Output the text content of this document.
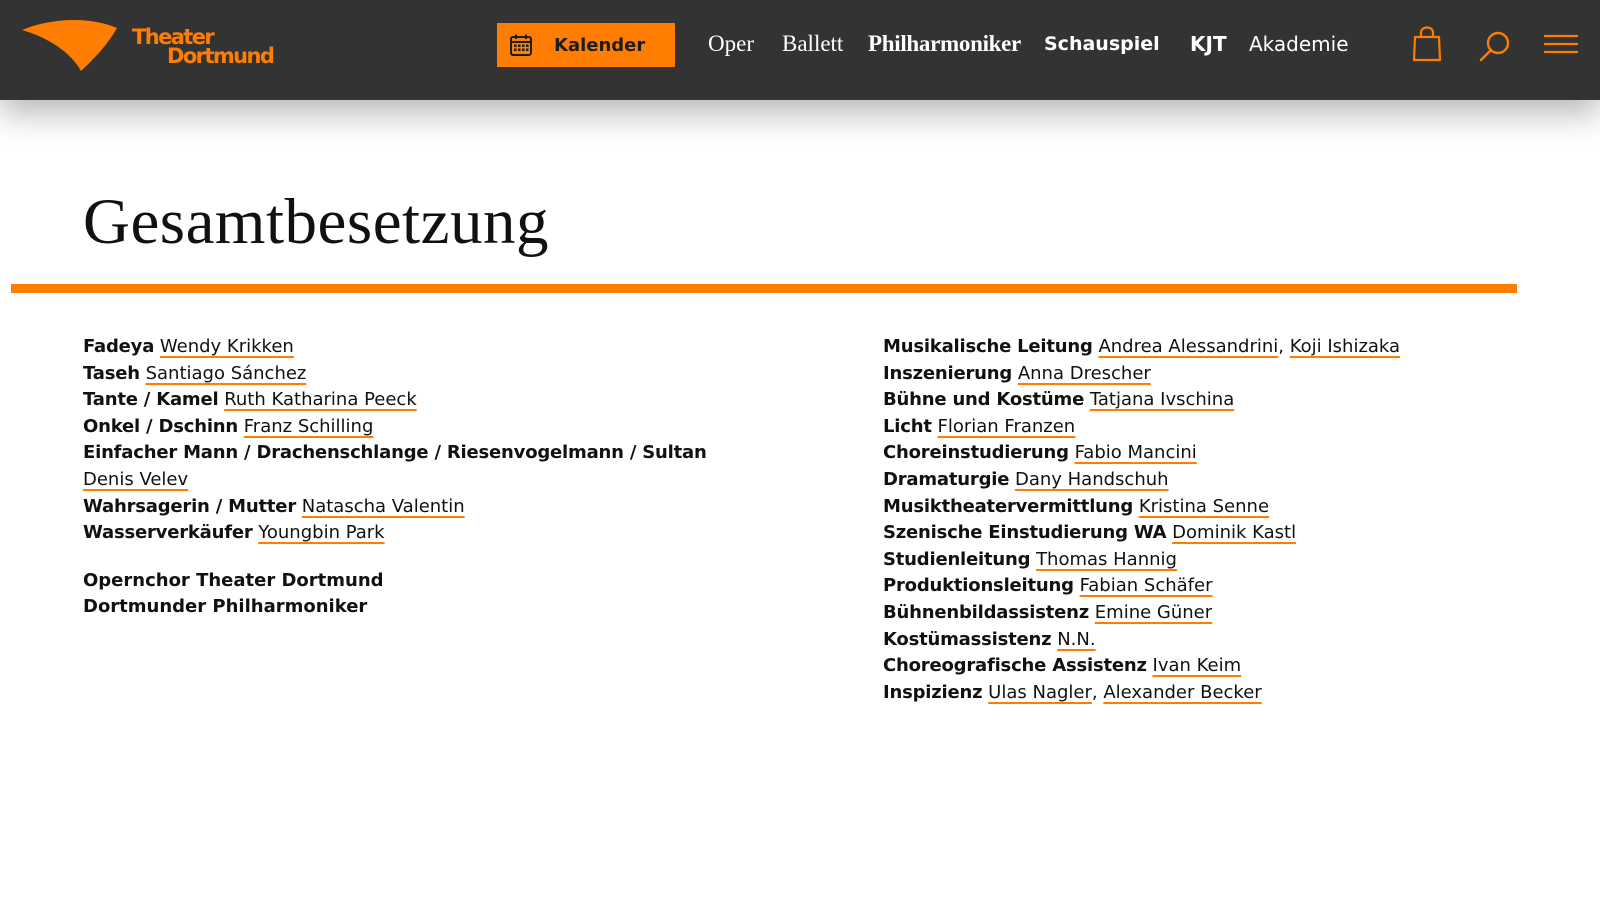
Theater
Dortmund	Kalender	Oper Ballett Philharmoniker Schauspiel KJT Akademie
Gesamtbesetzung
Fadeya Wendy Krikken
Taseh Santiago Sánchez
Tante / Kamel Ruth Katharina Peeck
Onkel / Dschinn Franz Schilling
Einfacher Mann / Drachenschlange / Riesenvogelmann / Sultan
Denis Velev
Wahrsagerin / Mutter Natascha Valentin
Wasserverkäufer Youngbin Park
Opernchor Theater Dortmund
Dortmunder Philharmoniker
Musikalische Leitung Andrea Alessandrini, Koji Ishizaka
Inszenierung Anna Drescher
Bühne und Kostüme Tatjana Ivschina
Licht Florian Franzen
Choreinstudierung Fabio Mancini
Dramaturgie Dany Handschuh
Musiktheatervermittlung Kristina Senne
Szenische Einstudierung WA Dominik Kastl
Studienleitung Thomas Hannig
Produktionsleitung Fabian Schäfer
Bühnenbildassistenz Emine Güner
Kostümassistenz N.N.
Choreografische Assistenz Ivan Keim
Inspizienz Ulas Nagler, Alexander Becker
